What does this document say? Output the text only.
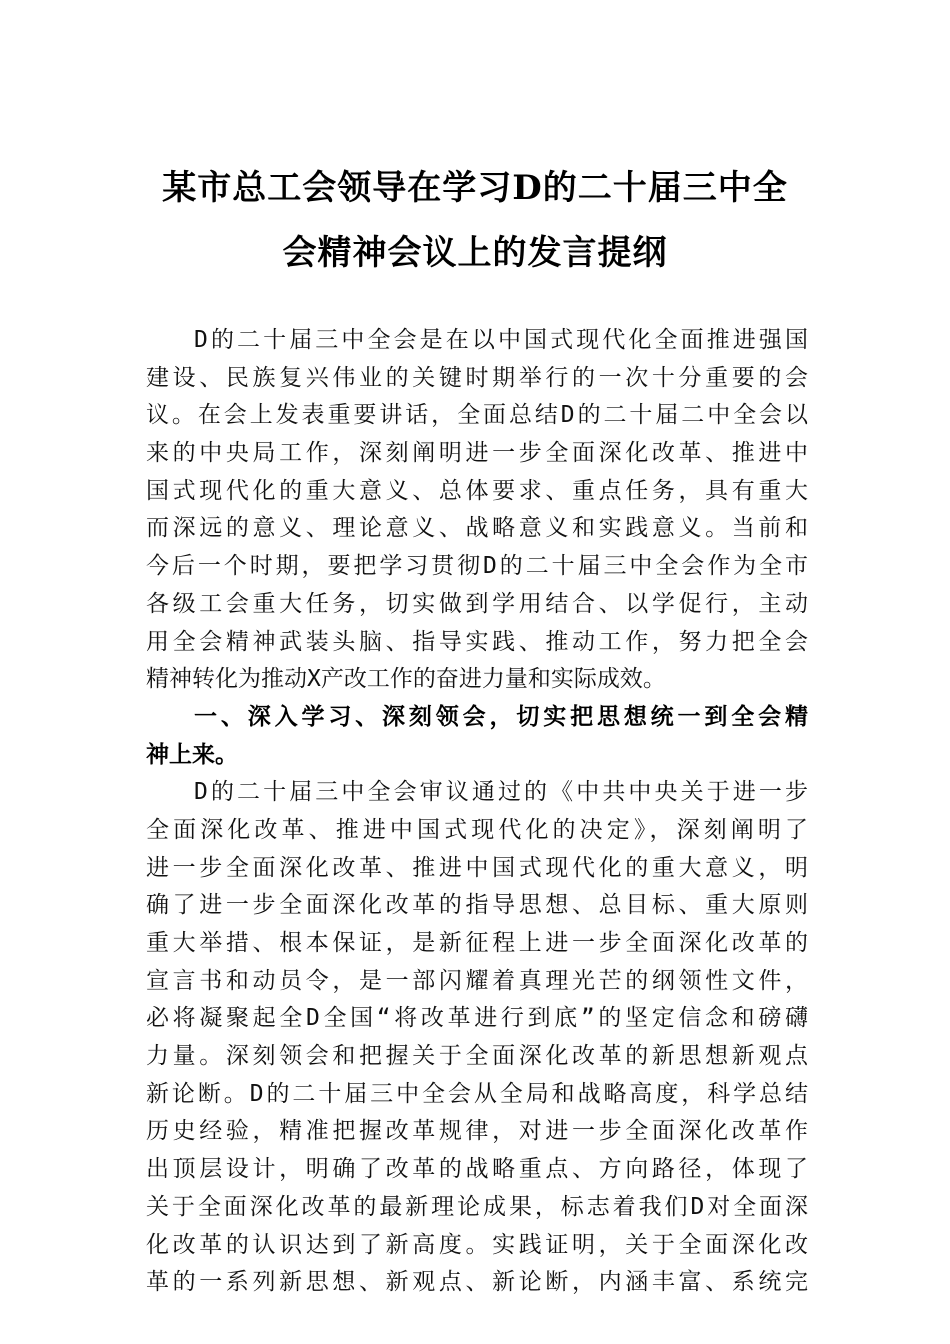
某市总工会领导在学习D的二十届三中全
会精神会议上的发言提纲
D的二十届三中全会是在以中国式现代化全面推进强国
建设、民族复兴伟业的关键时期举行的一次十分重要的会
议。在会上发表重要讲话，全面总结D的二十届二中全会以
来的中央局工作，深刻阐明进一步全面深化改革、推进中
国式现代化的重大意义、总体要求、重点任务，具有重大
而深远的意义、理论意义、战略意义和实践意义。当前和
今后一个时期，要把学习贯彻D的二十届三中全会作为全市
各级工会重大任务，切实做到学用结合、以学促行，主动
用全会精神武装头脑、指导实践、推动工作，努力把全会
精神转化为推动X产改工作的奋进力量和实际成效。
一、深入学习、深刻领会，切实把思想统一到全会精
神上来。
D的二十届三中全会审议通过的《中共中央关于进一步
全面深化改革、推进中国式现代化的决定》，深刻阐明了
进一步全面深化改革、推进中国式现代化的重大意义，明
确了进一步全面深化改革的指导思想、总目标、重大原则
重大举措、根本保证，是新征程上进一步全面深化改革的
宣言书和动员令，是一部闪耀着真理光芒的纲领性文件，
必将凝聚起全D全国“将改革进行到底”的坚定信念和磅礴
力量。深刻领会和把握关于全面深化改革的新思想新观点
新论断。D的二十届三中全会从全局和战略高度，科学总结
历史经验，精准把握改革规律，对进一步全面深化改革作
出顶层设计，明确了改革的战略重点、方向路径，体现了
关于全面深化改革的最新理论成果，标志着我们D对全面深
化改革的认识达到了新高度。实践证明，关于全面深化改
革的一系列新思想、新观点、新论断，内涵丰富、系统完
